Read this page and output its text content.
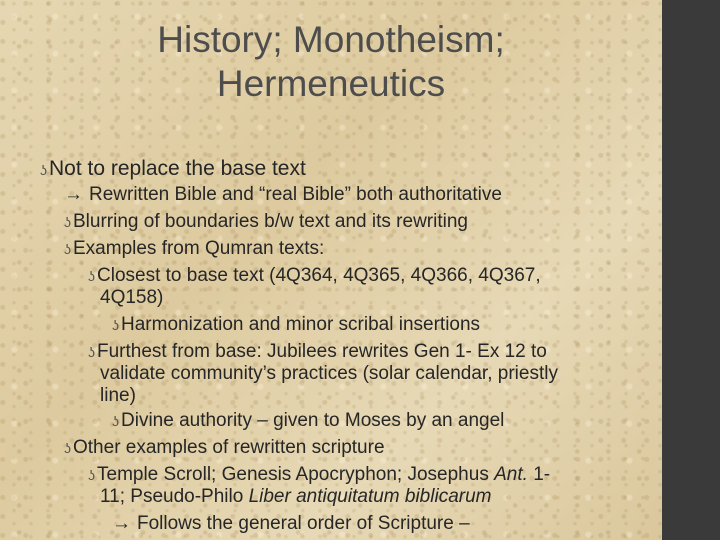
History; Monotheism;
Hermeneutics
ʖNot to replace the base text
→ Rewritten Bible and “real Bible” both authoritative
ʖ Blurring of boundaries b/w text and its rewriting
ʖ Examples from Qumran texts:
ʖ Closest to base text (4Q364, 4Q365, 4Q366, 4Q367,
4Q158)
ʖ Harmonization and minor scribal insertions
ʖ Furthest from base: Jubilees rewrites Gen 1- Ex 12 to
validate community’s practices (solar calendar, priestly
line)
ʖ Divine authority – given to Moses by an angel
ʖ Other examples of rewritten scripture
ʖ Temple Scroll; Genesis Apocryphon; Josephus Ant. 1-
11; Pseudo-Philo Liber antiquitatum biblicarum
→ Follows the general order of Scripture –
